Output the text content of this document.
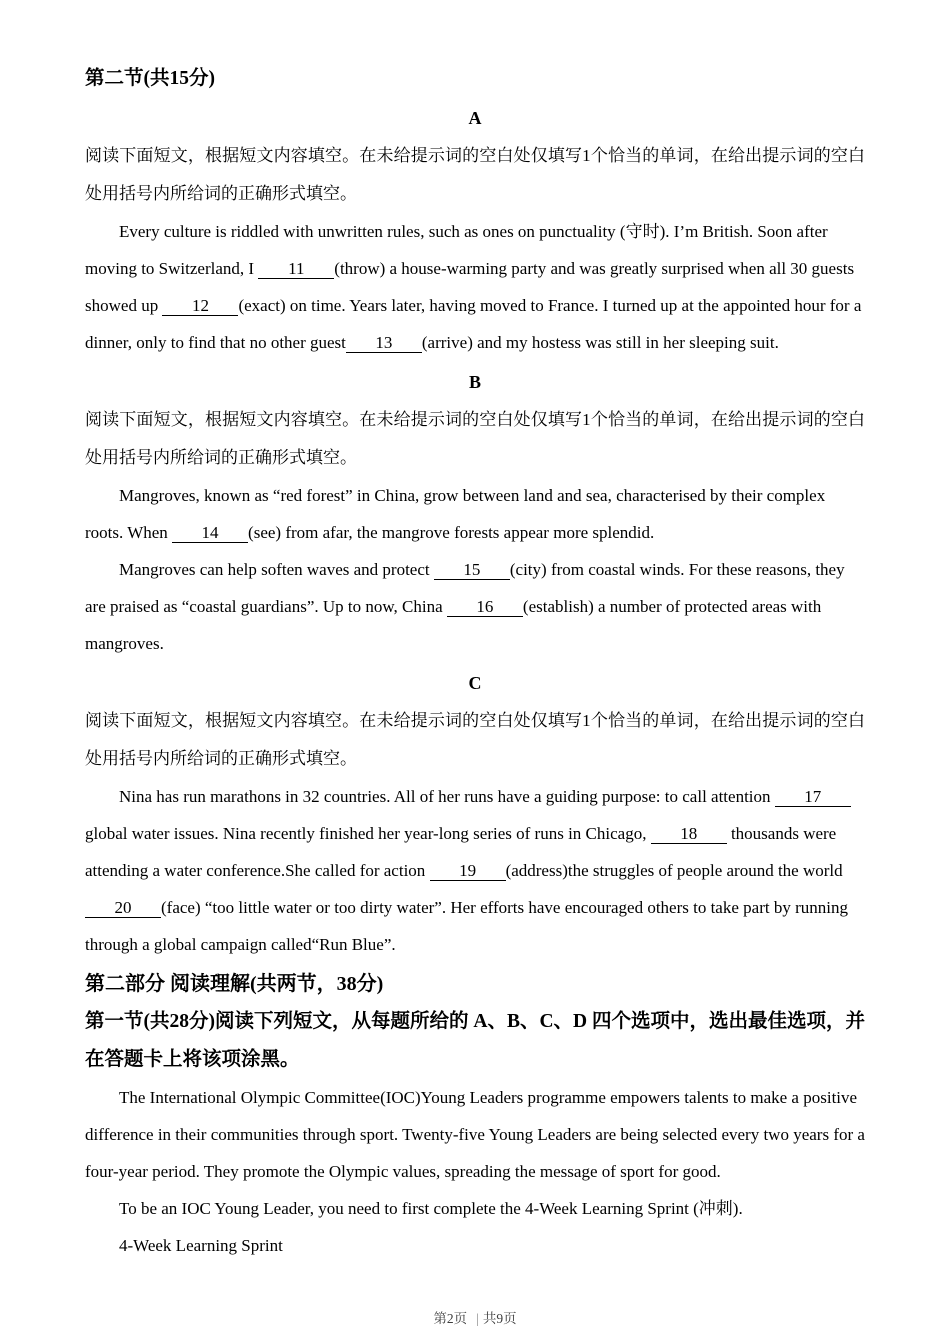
第二节(共15分)
A

阅读下面短文，根据短文内容填空。在未给提示词的空白处仅填写1个恰当的单词，在给出提示词的空白处用括号内所给词的正确形式填空。

Every culture is riddled with unwritten rules, such as ones on punctuality (守时). I’m British. Soon after moving to Switzerland, I 11 (throw) a house-warming party and was greatly surprised when all 30 guests showed up 12 (exact) on time. Years later, having moved to France. I turned up at the appointed hour for a dinner, only to find that no other guest 13 (arrive) and my hostess was still in her sleeping suit.

B

阅读下面短文，根据短文内容填空。在未给提示词的空白处仅填写1个恰当的单词，在给出提示词的空白处用括号内所给词的正确形式填空。

Mangroves, known as “red forest” in China, grow between land and sea, characterised by their complex roots. When 14 (see) from afar, the mangrove forests appear more splendid.

Mangroves can help soften waves and protect 15 (city) from coastal winds. For these reasons, they are praised as “coastal guardians”. Up to now, China 16 (establish) a number of protected areas with mangroves.

C

阅读下面短文，根据短文内容填空。在未给提示词的空白处仅填写1个恰当的单词，在给出提示词的空白处用括号内所给词的正确形式填空。

Nina has run marathons in 32 countries. All of her runs have a guiding purpose: to call attention 17 global water issues. Nina recently finished her year-long series of runs in Chicago, 18 thousands were attending a water conference.She called for action 19 (address)the struggles of people around the world 20 (face) “too little water or too dirty water”. Her efforts have encouraged others to take part by running through a global campaign called“Run Blue”.

第二部分 阅读理解(共两节，38分)

第一节(共28分)阅读下列短文，从每题所给的 A、B、C、D 四个选项中，选出最佳选项，并在答题卡上将该项涂黑。

The International Olympic Committee(IOC)Young Leaders programme empowers talents to make a positive difference in their communities through sport. Twenty-five Young Leaders are being selected every two years for a four-year period. They promote the Olympic values, spreading the message of sport for good.

To be an IOC Young Leader, you need to first complete the 4-Week Learning Sprint (冲刺).

4-Week Learning Sprint

第2页 | 共9页
